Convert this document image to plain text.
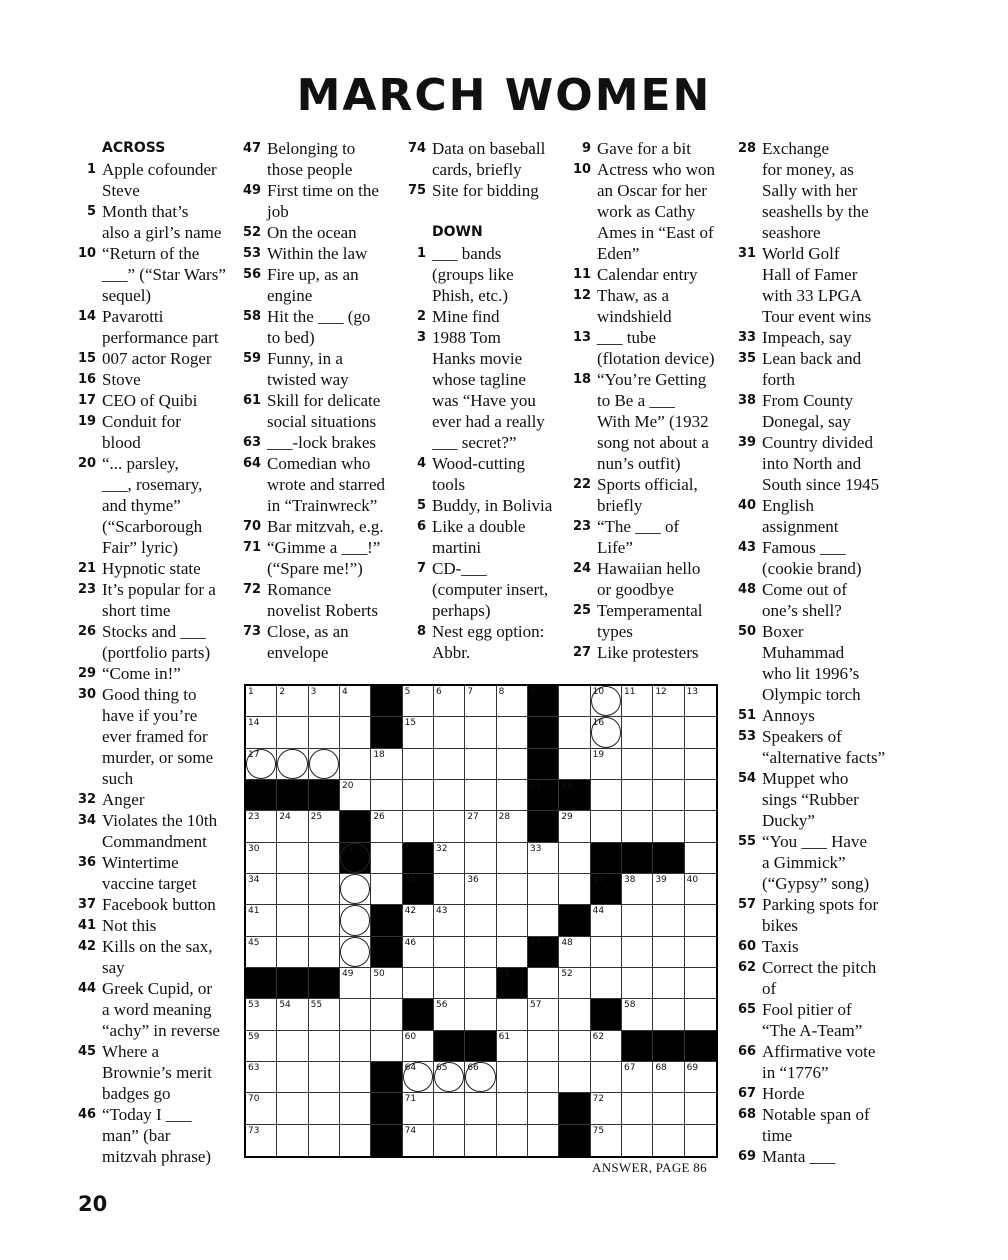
MARCH WOMEN
ACROSS
1 Apple cofounder
Steve
5 Month that’s
also a girl’s name
10 “Return of the
___” (“Star Wars”
sequel)
14 Pavarotti
performance part
15 007 actor Roger
16 Stove
17 CEO of Quibi
19 Conduit for
blood
20 “... parsley,
___, rosemary,
and thyme”
(“Scarborough
Fair” lyric)
21 Hypnotic state
23 It’s popular for a
short time
26 Stocks and ___
(portfolio parts)
29 “Come in!”
30 Good thing to
have if you’re
ever framed for
murder, or some
such
32 Anger
34 Violates the 10th
Commandment
36 Wintertime
vaccine target
37 Facebook button
41 Not this
42 Kills on the sax,
say
44 Greek Cupid, or
a word meaning
“achy” in reverse
45 Where a
Brownie’s merit
badges go
46 “Today I ___
man” (bar
mitzvah phrase)
47 Belonging to
those people
49 First time on the
job
52 On the ocean
53 Within the law
56 Fire up, as an
engine
58 Hit the ___ (go
to bed)
59 Funny, in a
twisted way
61 Skill for delicate
social situations
63 ___-lock brakes
64 Comedian who
wrote and starred
in “Trainwreck”
70 Bar mitzvah, e.g.
71 “Gimme a ___!”
(“Spare me!”)
72 Romance
novelist Roberts
73 Close, as an
envelope
74 Data on baseball
cards, briefly
75 Site for bidding
DOWN
1 ___ bands
(groups like
Phish, etc.)
2 Mine find
3 1988 Tom
Hanks movie
whose tagline
was “Have you
ever had a really
___ secret?”
4 Wood-cutting
tools
5 Buddy, in Bolivia
6 Like a double
martini
7 CD-___
(computer insert,
perhaps)
8 Nest egg option:
Abbr.
9 Gave for a bit
10 Actress who won
an Oscar for her
work as Cathy
Ames in “East of
Eden”
11 Calendar entry
12 Thaw, as a
windshield
13 ___ tube
(flotation device)
18 “You’re Getting
to Be a ___
With Me” (1932
song not about a
nun’s outfit)
22 Sports official,
briefly
23 “The ___ of
Life”
24 Hawaiian hello
or goodbye
25 Temperamental
types
27 Like protesters
28 Exchange
for money, as
Sally with her
seashells by the
seashore
31 World Golf
Hall of Famer
with 33 LPGA
Tour event wins
33 Impeach, say
35 Lean back and
forth
38 From County
Donegal, say
39 Country divided
into North and
South since 1945
40 English
assignment
43 Famous ___
(cookie brand)
48 Come out of
one’s shell?
50 Boxer
Muhammad
who lit 1996’s
Olympic torch
51 Annoys
53 Speakers of
“alternative facts”
54 Muppet who
sings “Rubber
Ducky”
55 “You ___ Have
a Gimmick”
(“Gypsy” song)
57 Parking spots for
bikes
60 Taxis
62 Correct the pitch
of
65 Fool pitier of
“The A-Team”
66 Affirmative vote
in “1776”
67 Horde
68 Notable span of
time
69 Manta ___
1	2	3	4	5	6	7	8	9	10 11 12 13
14	15	16
17	18	19
20	21 22
23 24 25	26	27 28	29
30	31	32	33
34	35	36	37 38 39 40
41	42 43	44
45	46	47 48
49 50	51	52
53 54 55	56	57	58
59	60	61	62
63	64 65 66	67 68 69
70	71	72
73	74	75
ANSWER, PAGE 86
20
